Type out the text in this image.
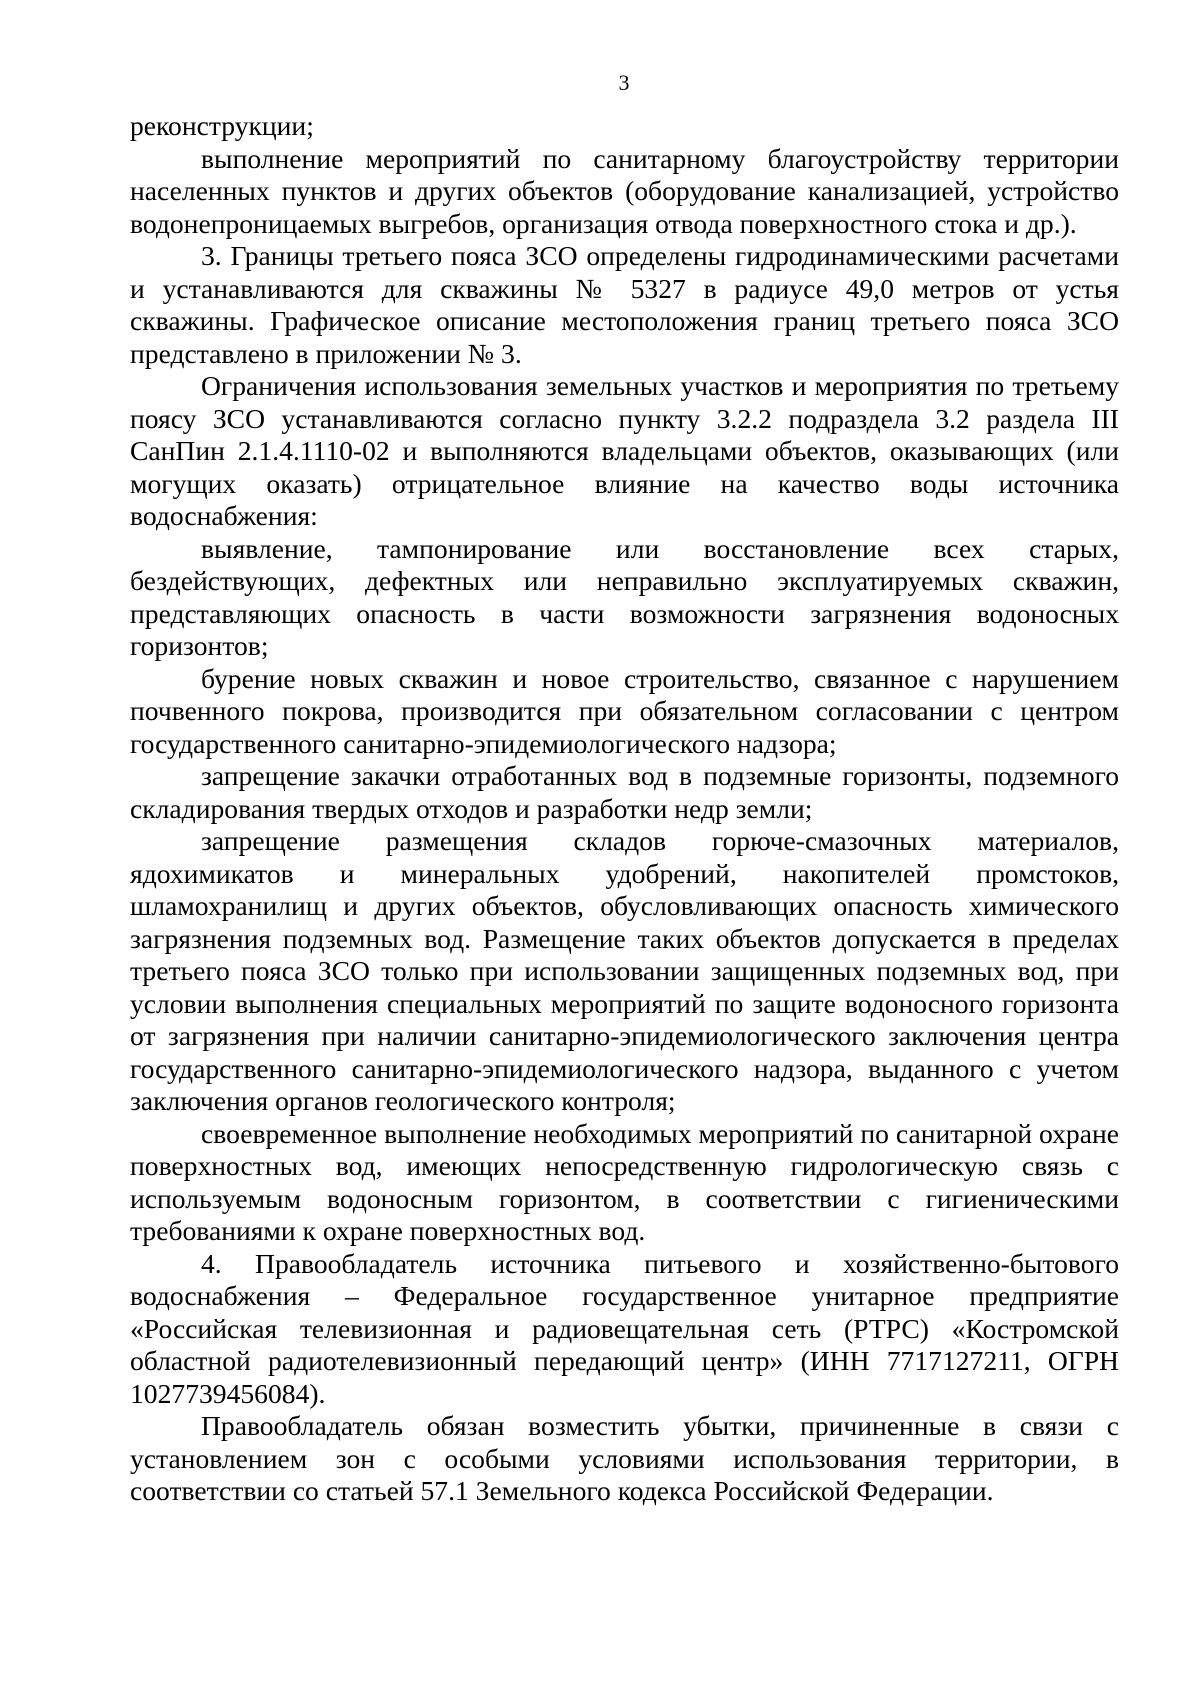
3

реконструкции;

выполнение мероприятий по санитарному благоустройству территории населенных пунктов и других объектов (оборудование канализацией, устройство водонепроницаемых выгребов, организация отвода поверхностного стока и др.).

3. Границы третьего пояса ЗСО определены гидродинамическими расчетами и устанавливаются для скважины № 5327 в радиусе 49,0 метров от устья скважины. Графическое описание местоположения границ третьего пояса ЗСО представлено в приложении № 3.

Ограничения использования земельных участков и мероприятия по третьему поясу ЗСО устанавливаются согласно пункту 3.2.2 подраздела 3.2 раздела III СанПин 2.1.4.1110-02 и выполняются владельцами объектов, оказывающих (или могущих оказать) отрицательное влияние на качество воды источника водоснабжения:

выявление, тампонирование или восстановление всех старых, бездействующих, дефектных или неправильно эксплуатируемых скважин, представляющих опасность в части возможности загрязнения водоносных горизонтов;

бурение новых скважин и новое строительство, связанное с нарушением почвенного покрова, производится при обязательном согласовании с центром государственного санитарно-эпидемиологического надзора;

запрещение закачки отработанных вод в подземные горизонты, подземного складирования твердых отходов и разработки недр земли;

запрещение размещения складов горюче-смазочных материалов, ядохимикатов и минеральных удобрений, накопителей промстоков, шламохранилищ и других объектов, обусловливающих опасность химического загрязнения подземных вод. Размещение таких объектов допускается в пределах третьего пояса ЗСО только при использовании защищенных подземных вод, при условии выполнения специальных мероприятий по защите водоносного горизонта от загрязнения при наличии санитарно-эпидемиологического заключения центра государственного санитарно-эпидемиологического надзора, выданного с учетом заключения органов геологического контроля;

своевременное выполнение необходимых мероприятий по санитарной охране поверхностных вод, имеющих непосредственную гидрологическую связь с используемым водоносным горизонтом, в соответствии с гигиеническими требованиями к охране поверхностных вод.

4. Правообладатель источника питьевого и хозяйственно-бытового водоснабжения – Федеральное государственное унитарное предприятие «Российская телевизионная и радиовещательная сеть (РТРС) «Костромской областной радиотелевизионный передающий центр» (ИНН 7717127211, ОГРН 1027739456084).

Правообладатель обязан возместить убытки, причиненные в связи с установлением зон с особыми условиями использования территории, в соответствии со статьей 57.1 Земельного кодекса Российской Федерации.
